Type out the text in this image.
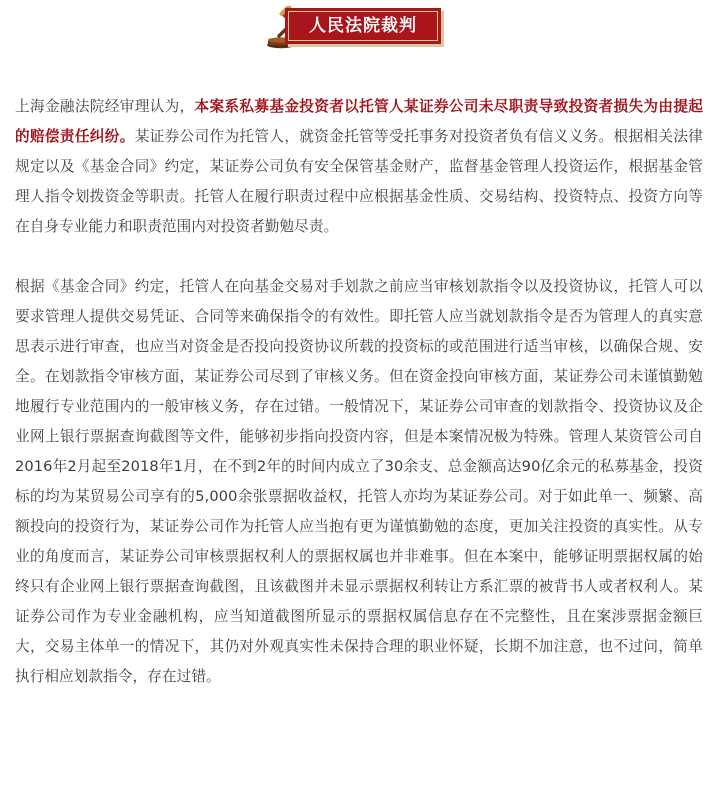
人民法院裁判

上海金融法院经审理认为，本案系私募基金投资者以托管人某证券公司未尽职责导致投资者损失为由提起的赔偿责任纠纷。某证券公司作为托管人，就资金托管等受托事务对投资者负有信义义务。根据相关法律规定以及《基金合同》约定，某证券公司负有安全保管基金财产，监督基金管理人投资运作，根据基金管理人指令划拨资金等职责。托管人在履行职责过程中应根据基金性质、交易结构、投资特点、投资方向等在自身专业能力和职责范围内对投资者勤勉尽责。

根据《基金合同》约定，托管人在向基金交易对手划款之前应当审核划款指令以及投资协议，托管人可以要求管理人提供交易凭证、合同等来确保指令的有效性。即托管人应当就划款指令是否为管理人的真实意思表示进行审查，也应当对资金是否投向投资协议所载的投资标的或范围进行适当审核，以确保合规、安全。在划款指令审核方面，某证券公司尽到了审核义务。但在资金投向审核方面，某证券公司未谨慎勤勉地履行专业范围内的一般审核义务，存在过错。一般情况下，某证券公司审查的划款指令、投资协议及企业网上银行票据查询截图等文件，能够初步指向投资内容，但是本案情况极为特殊。管理人某资管公司自2016年2月起至2018年1月，在不到2年的时间内成立了30余支、总金额高达90亿余元的私募基金，投资标的均为某贸易公司享有的5,000余张票据收益权，托管人亦均为某证券公司。对于如此单一、频繁、高额投向的投资行为，某证券公司作为托管人应当抱有更为谨慎勤勉的态度，更加关注投资的真实性。从专业的角度而言，某证券公司审核票据权利人的票据权属也并非难事。但在本案中，能够证明票据权属的始终只有企业网上银行票据查询截图，且该截图并未显示票据权利转让方系汇票的被背书人或者权利人。某证券公司作为专业金融机构，应当知道截图所显示的票据权属信息存在不完整性，且在案涉票据金额巨大，交易主体单一的情况下，其仍对外观真实性未保持合理的职业怀疑，长期不加注意，也不过问，简单执行相应划款指令，存在过错。
